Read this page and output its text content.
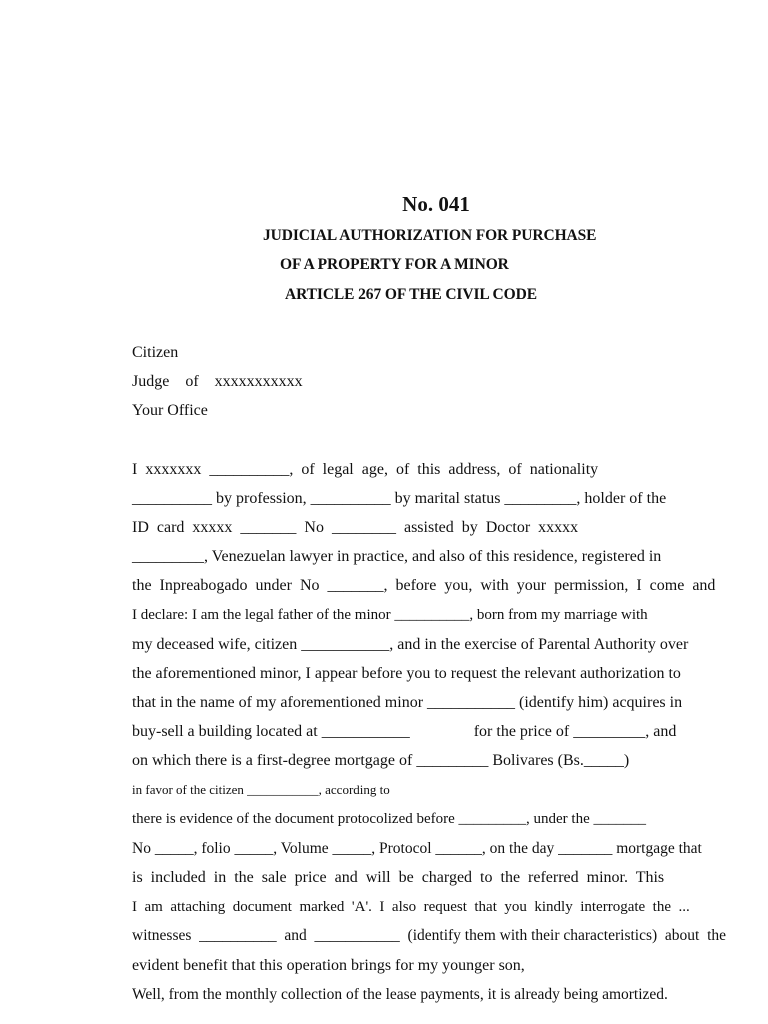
No. 041
JUDICIAL AUTHORIZATION FOR PURCHASE
OF A PROPERTY FOR A MINOR
ARTICLE 267 OF THE CIVIL CODE
Citizen
Judge    of    xxxxxxxxxxx
Your Office
I  xxxxxxx  __________,  of  legal  age,  of  this  address,  of  nationality
__________ by profession, __________ by marital status _________, holder of the
ID  card  xxxxx  _______  No  ________  assisted  by  Doctor  xxxxx
_________, Venezuelan lawyer in practice, and also of this residence, registered in
the  Inpreabogado  under  No  _______,  before  you,  with  your  permission,  I  come  and
I declare: I am the legal father of the minor __________, born from my marriage with
my deceased wife, citizen ___________, and in the exercise of Parental Authority over
the aforementioned minor, I appear before you to request the relevant authorization to
that in the name of my aforementioned minor ___________ (identify him) acquires in
buy-sell a building located at ___________                for the price of _________, and
on which there is a first-degree mortgage of _________ Bolivares (Bs._____)
in favor of the citizen ___________, according to
there is evidence of the document protocolized before _________, under the _______
No _____, folio _____, Volume _____, Protocol ______, on the day _______ mortgage that
is  included  in  the  sale  price  and  will  be  charged  to  the  referred  minor.  This
I  am  attaching  document  marked  'A'.  I  also  request  that  you  kindly  interrogate  the  ...
witnesses  __________  and  ___________  (identify them with their characteristics)  about  the
evident benefit that this operation brings for my younger son,
Well, from the monthly collection of the lease payments, it is already being amortized.
